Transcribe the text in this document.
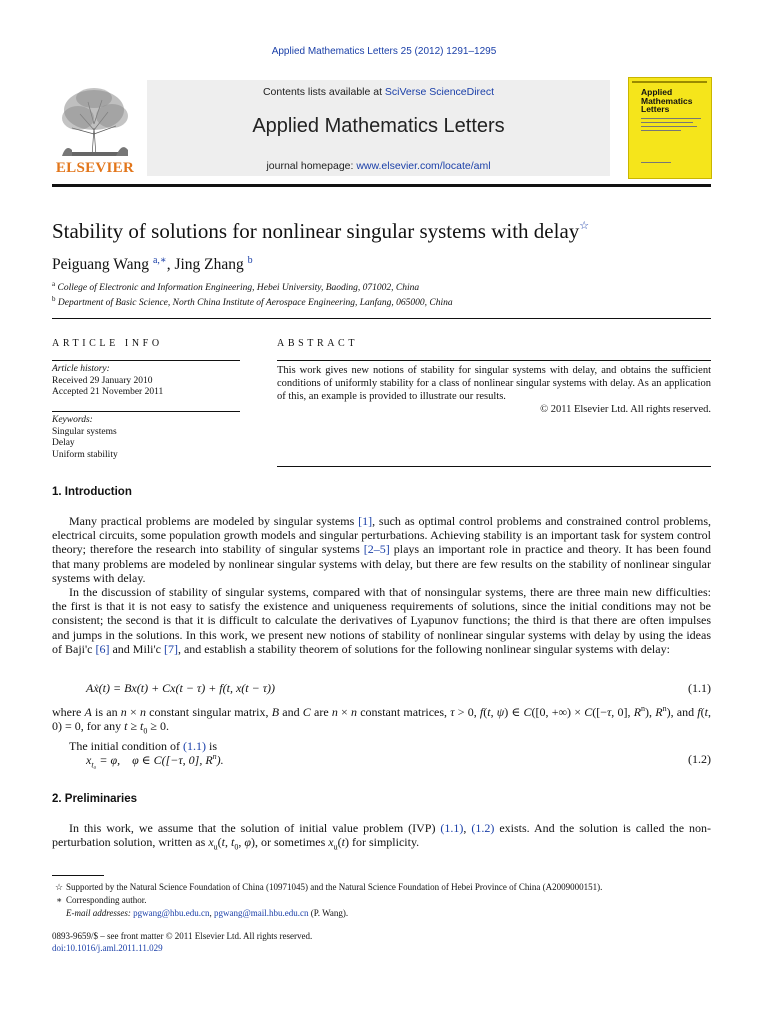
Applied Mathematics Letters 25 (2012) 1291–1295
ELSEVIER
Contents lists available at SciVerse ScienceDirect
Applied Mathematics Letters
journal homepage: www.elsevier.com/locate/aml
Applied
Mathematics
Letters
Stability of solutions for nonlinear singular systems with delay☆
Peiguang Wang $^{a,∗}$, Jing Zhang $^b$
$^a$ College of Electronic and Information Engineering, Hebei University, Baoding, 071002, China
$^b$ Department of Basic Science, North China Institute of Aerospace Engineering, Lanfang, 065000, China
ARTICLE INFO
Article history:
Received 29 January 2010
Accepted 21 November 2011
Keywords:
Singular systems
Delay
Uniform stability
ABSTRACT
This work gives new notions of stability for singular systems with delay, and obtains the sufficient conditions of uniformly stability for a class of nonlinear singular systems with delay. As an application of this, an example is provided to illustrate our results.
© 2011 Elsevier Ltd. All rights reserved.
1. Introduction

Many practical problems are modeled by singular systems [1], such as optimal control problems and constrained control problems, electrical circuits, some population growth models and singular perturbations. Achieving stability is an important task for system control theory; therefore the research into stability of singular systems [2–5] plays an important role in practice and theory. It has been found that many problems are modeled by nonlinear singular systems with delay, but there are few results on the stability of nonlinear singular systems with delay.

In the discussion of stability of singular systems, compared with that of nonsingular systems, there are three main new difficulties: the first is that it is not easy to satisfy the existence and uniqueness requirements of solutions, since the initial conditions may not be consistent; the second is that it is difficult to calculate the derivatives of Lyapunov functions; the third is that there are often impulses and jumps in the solutions. In this work, we present new notions of stability of nonlinear singular systems with delay by using the ideas of Baji'c [6] and Mili'c [7], and establish a stability theorem of solutions for the following nonlinear singular systems with delay:

Aẋ(t) = Bx(t) + Cx(t − τ) + f(t, x(t − τ))	(1.1)
where A is an n × n constant singular matrix, B and C are n × n constant matrices, τ > 0, f(t, ψ) ∈ C([0, +∞) × C([−τ, 0], $R^n$), $R^n$), and f(t, 0) = 0, for any $t \ge t_0 \ge 0$.

The initial condition of (1.1) is

$x_{t_0} = \varphi$,    φ ∈ C([−τ, 0], $R^n$).	(1.2)
2. Preliminaries

In this work, we assume that the solution of initial value problem (IVP) (1.1), (1.2) exists. And the solution is called the non-perturbation solution, written as $x_u(t$, $t_0$, φ), or sometimes $x_u(t)$ for simplicity.

☆ Supported by the Natural Science Foundation of China (10971045) and the Natural Science Foundation of Hebei Province of China (A2009000151).
∗ Corresponding author.
E-mail addresses: pgwang@hbu.edu.cn, pgwang@mail.hbu.edu.cn (P. Wang).
0893-9659/$ – see front matter © 2011 Elsevier Ltd. All rights reserved.
doi:10.1016/j.aml.2011.11.029
